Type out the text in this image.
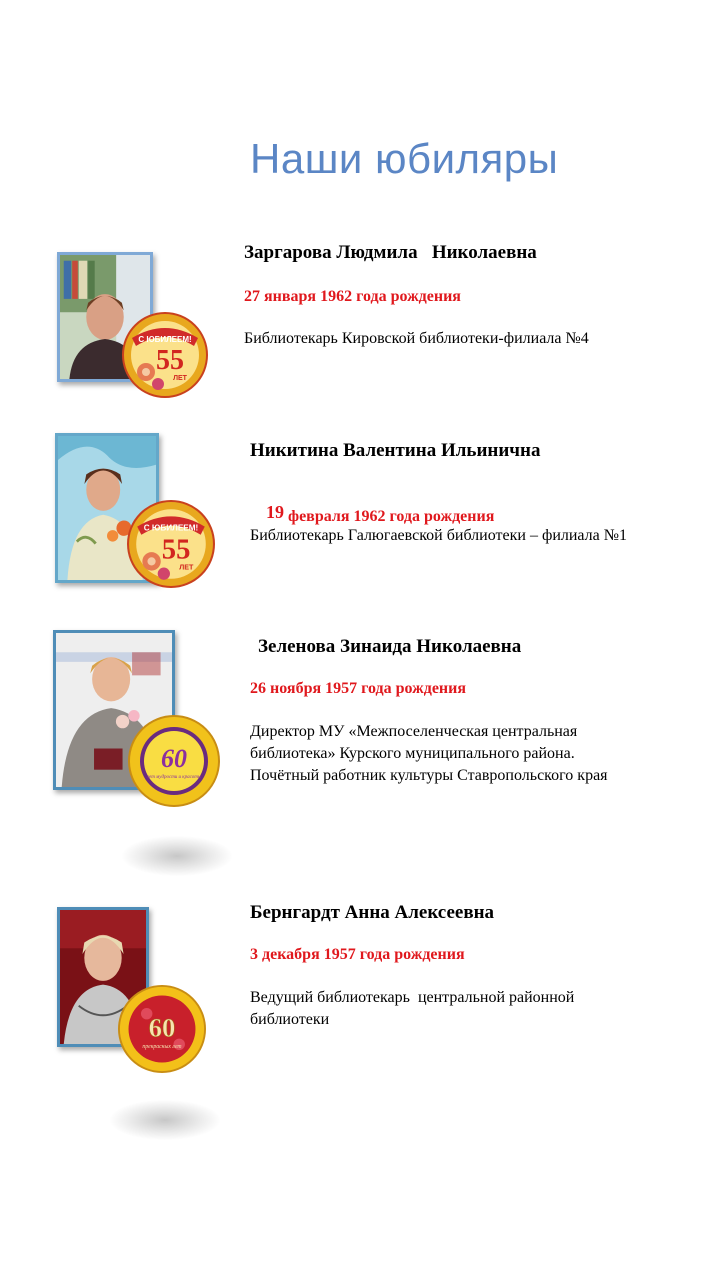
Наши юбиляры
С ЮБИЛЕЕМ!
55
ЛЕТ
Заргарова Людмила   Николаевна
27 января 1962 года рождения
Библиотекарь Кировской библиотеки-филиала №4
С ЮБИЛЕЕМ!
55
ЛЕТ
Никитина Валентина Ильинична

19 февраля 1962 года рождения

Библиотекарь Галюгаевской библиотеки – филиала №1
60
лет мудрости и красоты
Зеленова Зинаида Николаевна
26 ноября 1957 года рождения
Директор МУ «Межпоселенческая центральная
библиотека» Курского муниципального района.
Почётный работник культуры Ставропольского края
60
прекрасных лет
Бернгардт Анна Алексеевна
3 декабря 1957 года рождения
Ведущий библиотекарь  центральной районной
библиотеки
